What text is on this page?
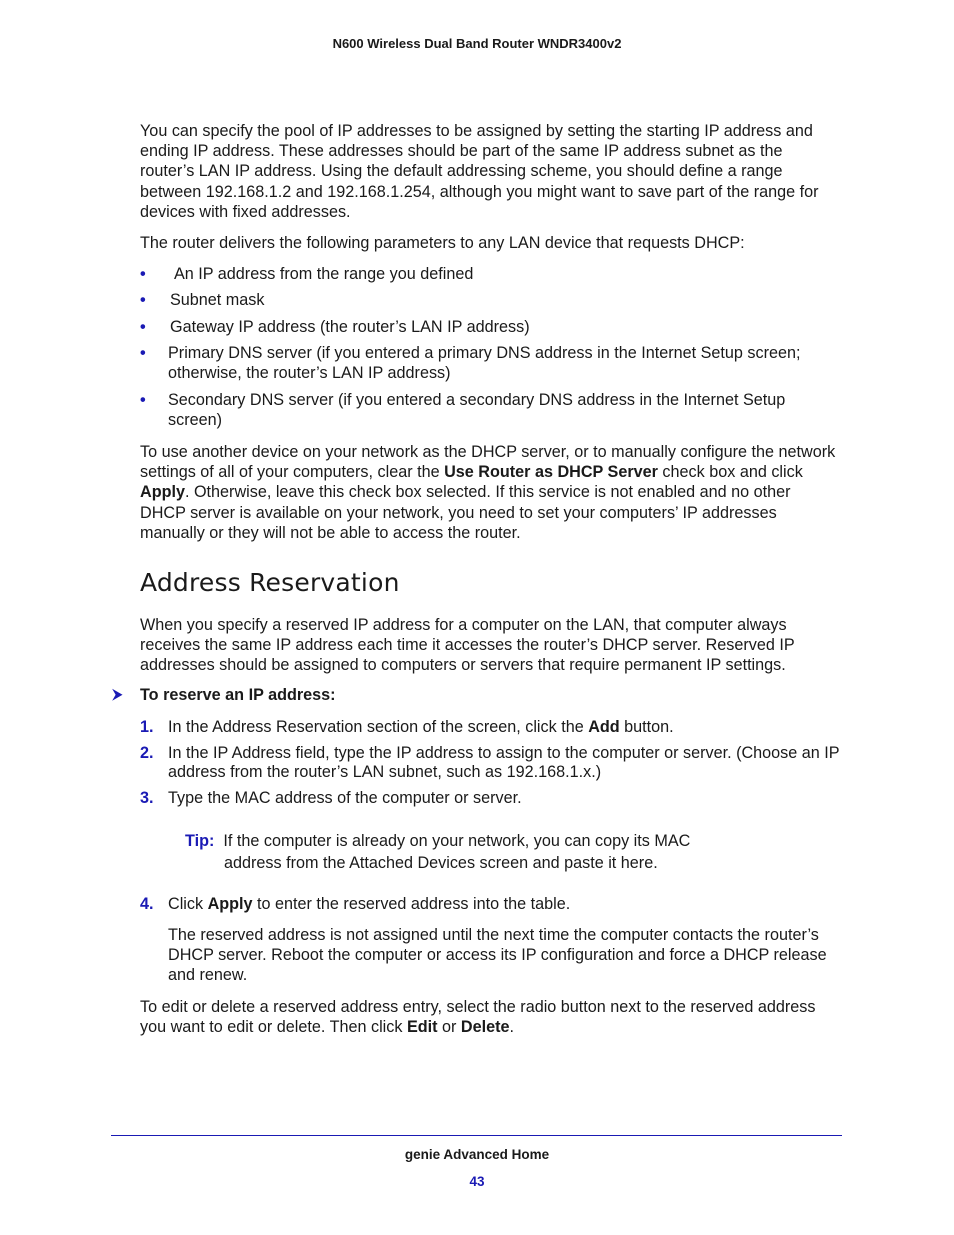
N600 Wireless Dual Band Router WNDR3400v2
You can specify the pool of IP addresses to be assigned by setting the starting IP address and ending IP address. These addresses should be part of the same IP address subnet as the router’s LAN IP address. Using the default addressing scheme, you should define a range between 192.168.1.2 and 192.168.1.254, although you might want to save part of the range for devices with fixed addresses.
The router delivers the following parameters to any LAN device that requests DHCP:
• An IP address from the range you defined
• Subnet mask
• Gateway IP address (the router’s LAN IP address)
• Primary DNS server (if you entered a primary DNS address in the Internet Setup screen; otherwise, the router’s LAN IP address)
• Secondary DNS server (if you entered a secondary DNS address in the Internet Setup screen)
To use another device on your network as the DHCP server, or to manually configure the network settings of all of your computers, clear the Use Router as DHCP Server check box and click Apply. Otherwise, leave this check box selected. If this service is not enabled and no other DHCP server is available on your network, you need to set your computers’ IP addresses manually or they will not be able to access the router.
Address Reservation
When you specify a reserved IP address for a computer on the LAN, that computer always receives the same IP address each time it accesses the router’s DHCP server. Reserved IP addresses should be assigned to computers or servers that require permanent IP settings.
⮞ To reserve an IP address:
1. In the Address Reservation section of the screen, click the Add button.
2. In the IP Address field, type the IP address to assign to the computer or server. (Choose an IP address from the router’s LAN subnet, such as 192.168.1.x.)
3. Type the MAC address of the computer or server.
Tip: If the computer is already on your network, you can copy its MAC
address from the Attached Devices screen and paste it here.
4. Click Apply to enter the reserved address into the table.
The reserved address is not assigned until the next time the computer contacts the router’s DHCP server. Reboot the computer or access its IP configuration and force a DHCP release and renew.
To edit or delete a reserved address entry, select the radio button next to the reserved address you want to edit or delete. Then click Edit or Delete.
genie Advanced Home
43
